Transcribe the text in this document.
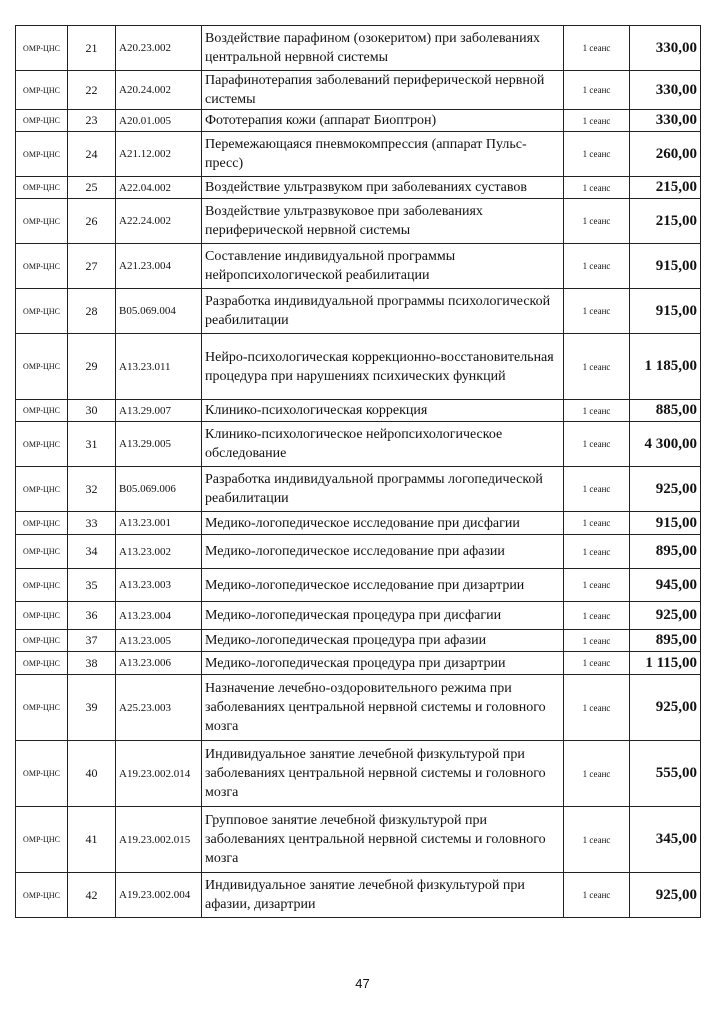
ОМР-ЦНС	21	A20.23.002	Воздействие парафином (озокеритом) при заболеваниях центральной нервной системы	1 сеанс	330,00
ОМР-ЦНС	22	A20.24.002	Парафинотерапия заболеваний периферической нервной системы	1 сеанс	330,00
ОМР-ЦНС	23	A20.01.005	Фототерапия кожи (аппарат Биоптрон)	1 сеанс	330,00
ОМР-ЦНС	24	A21.12.002	Перемежающаяся пневмокомпрессия (аппарат Пульс-пресс)	1 сеанс	260,00
ОМР-ЦНС	25	A22.04.002	Воздействие ультразвуком при заболеваниях суставов	1 сеанс	215,00
ОМР-ЦНС	26	A22.24.002	Воздействие ультразвуковое при заболеваниях периферической нервной системы	1 сеанс	215,00
ОМР-ЦНС	27	A21.23.004	Составление индивидуальной программы нейропсихологической реабилитации	1 сеанс	915,00
ОМР-ЦНС	28	B05.069.004	Разработка индивидуальной программы психологической реабилитации	1 сеанс	915,00
ОМР-ЦНС	29	A13.23.011	Нейро-психологическая коррекционно-восстановительная процедура при нарушениях психических функций	1 сеанс	1 185,00
ОМР-ЦНС	30	A13.29.007	Клинико-психологическая коррекция	1 сеанс	885,00
ОМР-ЦНС	31	A13.29.005	Клинико-психологическое нейропсихологическое обследование	1 сеанс	4 300,00
ОМР-ЦНС	32	B05.069.006	Разработка индивидуальной программы логопедической реабилитации	1 сеанс	925,00
ОМР-ЦНС	33	A13.23.001	Медико-логопедическое исследование при дисфагии	1 сеанс	915,00
ОМР-ЦНС	34	A13.23.002	Медико-логопедическое исследование при афазии	1 сеанс	895,00
ОМР-ЦНС	35	A13.23.003	Медико-логопедическое исследование при дизартрии	1 сеанс	945,00
ОМР-ЦНС	36	A13.23.004	Медико-логопедическая процедура при дисфагии	1 сеанс	925,00
ОМР-ЦНС	37	A13.23.005	Медико-логопедическая процедура при афазии	1 сеанс	895,00
ОМР-ЦНС	38	A13.23.006	Медико-логопедическая процедура при дизартрии	1 сеанс	1 115,00
ОМР-ЦНС	39	A25.23.003	Назначение лечебно-оздоровительного режима при заболеваниях центральной нервной системы и головного мозга	1 сеанс	925,00
ОМР-ЦНС	40	A19.23.002.014	Индивидуальное занятие лечебной физкультурой при заболеваниях центральной нервной системы и головного мозга	1 сеанс	555,00
ОМР-ЦНС	41	A19.23.002.015	Групповое занятие лечебной физкультурой при заболеваниях центральной нервной системы и головного мозга	1 сеанс	345,00
ОМР-ЦНС	42	A19.23.002.004	Индивидуальное занятие лечебной физкультурой при афазии, дизартрии	1 сеанс	925,00
47
